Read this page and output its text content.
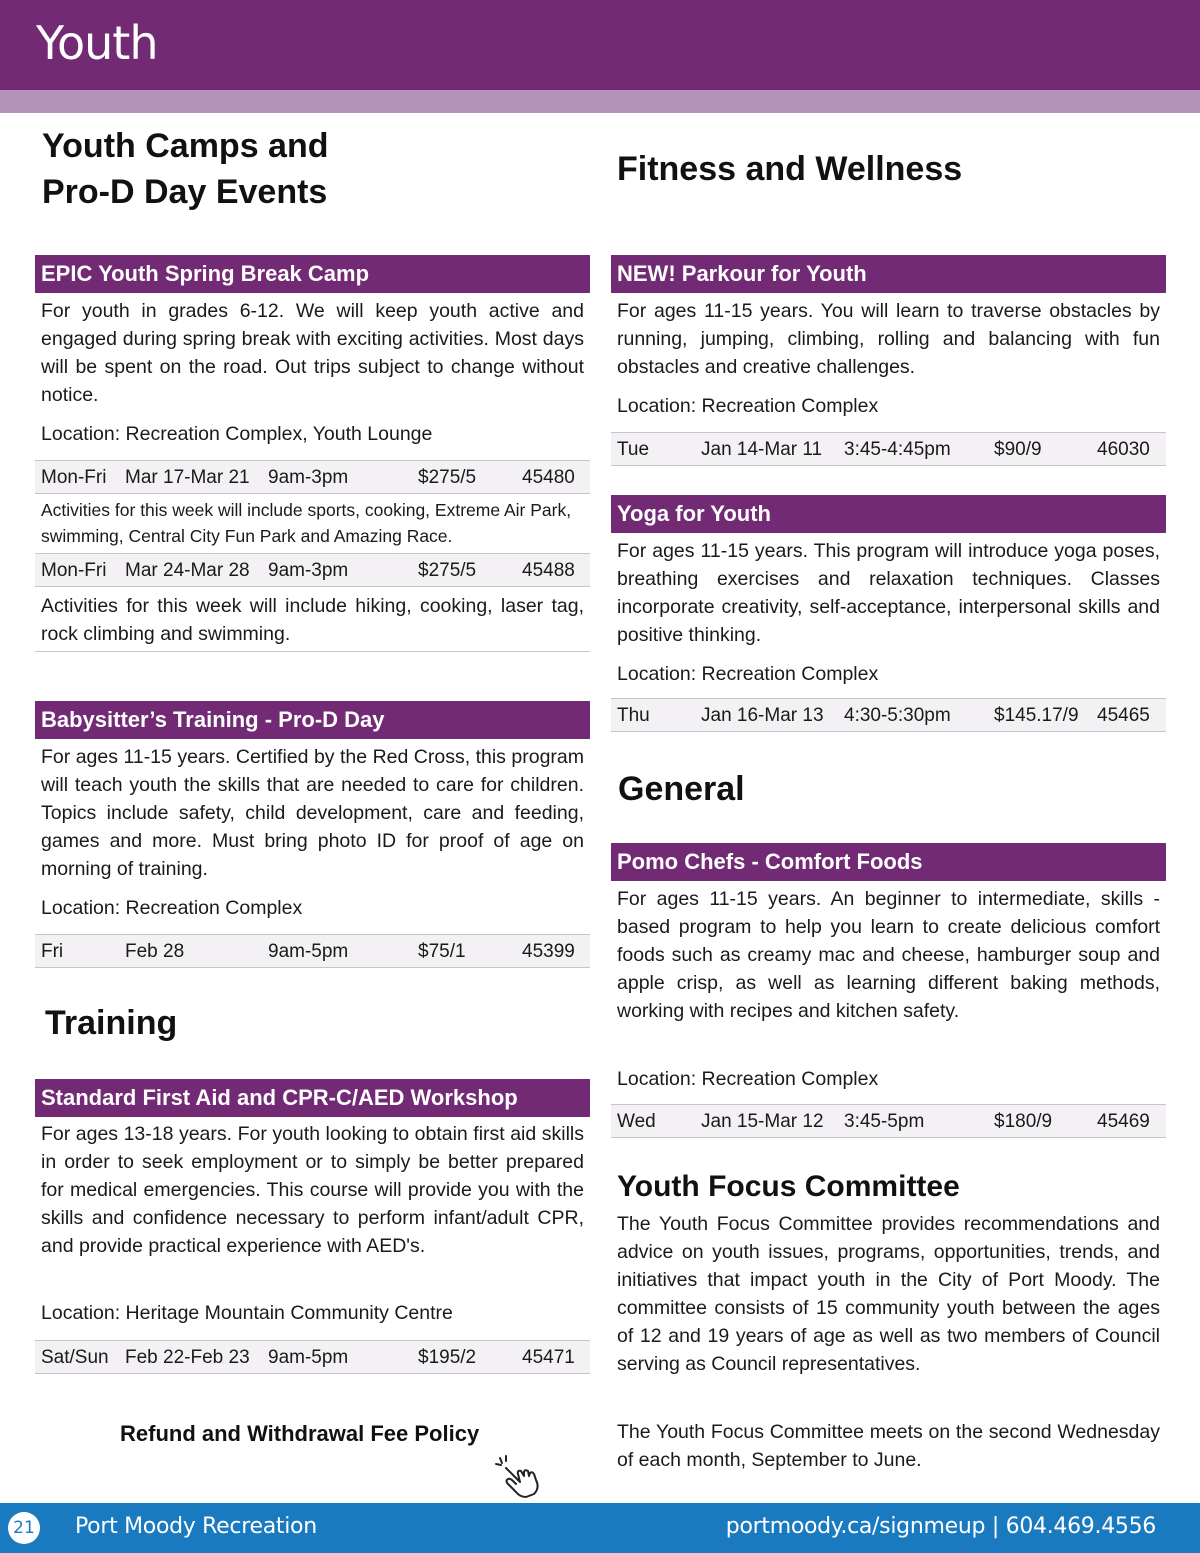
Youth
Youth Camps and
Pro-D Day Events
EPIC Youth Spring Break Camp
For youth in grades 6-12. We will keep youth active and engaged during spring break with exciting activities. Most days will be spent on the road. Out trips subject to change without notice.
Location: Recreation Complex, Youth Lounge
Mon-Fri Mar 17-Mar 21 9am-3pm	$275/5 45480
Activities for this week will include sports, cooking, Extreme Air Park, swimming, Central City Fun Park and Amazing Race.
Mon-Fri Mar 24-Mar 28 9am-3pm	$275/5 45488
Activities for this week will include hiking, cooking, laser tag, rock climbing and swimming.
Babysitter’s Training - Pro-D Day
For ages 11-15 years. Certified by the Red Cross, this program will teach youth the skills that are needed to care for children. Topics include safety, child development, care and feeding, games and more. Must bring photo ID for proof of age on morning of training.
Location: Recreation Complex
Fri	Feb 28	9am-5pm	$75/1	45399
Training
Standard First Aid and CPR-C/AED Workshop
For ages 13-18 years. For youth looking to obtain first aid skills in order to seek employment or to simply be better prepared for medical emergencies. This course will provide you with the skills and confidence necessary to perform infant/adult CPR, and provide practical experience with AED's.
Location: Heritage Mountain Community Centre
Sat/Sun Feb 22-Feb 23 9am-5pm	$195/2 45471
Refund and Withdrawal Fee Policy
Fitness and Wellness
NEW! Parkour for Youth
For ages 11-15 years. You will learn to traverse obstacles by running, jumping, climbing, rolling and balancing with fun obstacles and creative challenges.
Location: Recreation Complex
Tue	Jan 14-Mar 11 3:45-4:45pm $90/9	46030
Yoga for Youth
For ages 11-15 years. This program will introduce yoga poses, breathing exercises and relaxation techniques. Classes incorporate creativity, self-acceptance, interpersonal skills and positive thinking.
Location: Recreation Complex
Thu	Jan 16-Mar 13 4:30-5:30pm $145.17/9 45465
General
Pomo Chefs - Comfort Foods
For ages 11-15 years. An beginner to intermediate, skills -based program to help you learn to create delicious comfort foods such as creamy mac and cheese, hamburger soup and apple crisp, as well as learning different baking methods, working with recipes and kitchen safety.
Location: Recreation Complex
Wed Jan 15-Mar 12 3:45-5pm	$180/9 45469
Youth Focus Committee
The Youth Focus Committee provides recommendations and advice on youth issues, programs, opportunities, trends, and initiatives that impact youth in the City of Port Moody. The committee consists of 15 community youth between the ages of 12 and 19 years of age as well as two members of Council serving as Council representatives.
The Youth Focus Committee meets on the second Wednesday of each month, September to June.
21 Port Moody Recreation	portmoody.ca/signmeup | 604.469.4556
